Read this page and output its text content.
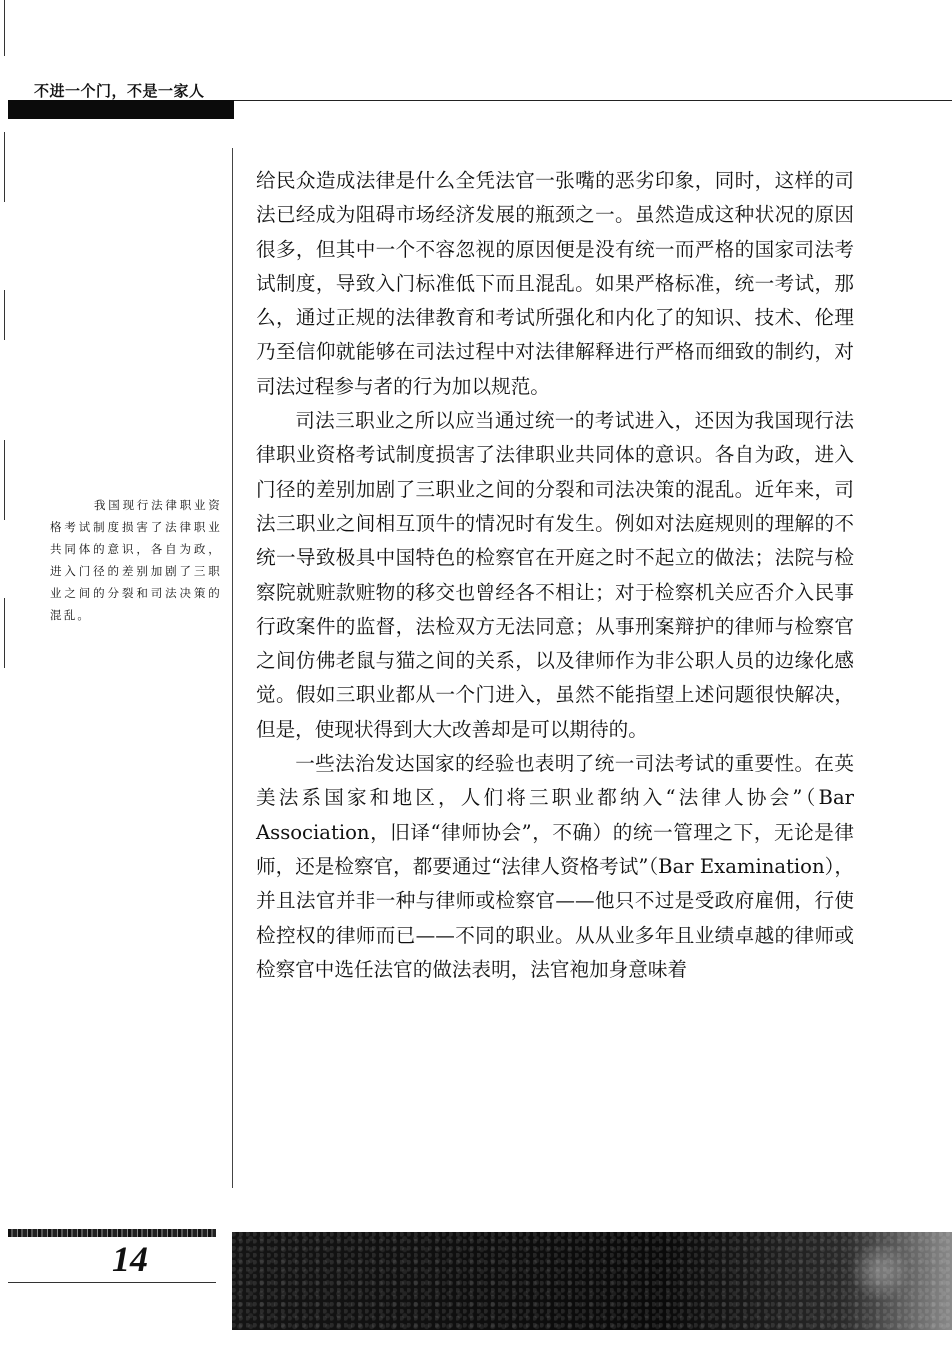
不进一个门，不是一家人
我国现行法律职业资格考试制度损害了法律职业共同体的意识，各自为政，进入门径的差别加剧了三职业之间的分裂和司法决策的混乱。

给民众造成法律是什么全凭法官一张嘴的恶劣印象，同时，这样的司法已经成为阻碍市场经济发展的瓶颈之一。虽然造成这种状况的原因很多，但其中一个不容忽视的原因便是没有统一而严格的国家司法考试制度，导致入门标准低下而且混乱。如果严格标准，统一考试，那么，通过正规的法律教育和考试所强化和内化了的知识、技术、伦理乃至信仰就能够在司法过程中对法律解释进行严格而细致的制约，对司法过程参与者的行为加以规范。

司法三职业之所以应当通过统一的考试进入，还因为我国现行法律职业资格考试制度损害了法律职业共同体的意识。各自为政，进入门径的差别加剧了三职业之间的分裂和司法决策的混乱。近年来，司法三职业之间相互顶牛的情况时有发生。例如对法庭规则的理解的不统一导致极具中国特色的检察官在开庭之时不起立的做法；法院与检察院就赃款赃物的移交也曾经各不相让；对于检察机关应否介入民事行政案件的监督，法检双方无法同意；从事刑案辩护的律师与检察官之间仿佛老鼠与猫之间的关系，以及律师作为非公职人员的边缘化感觉。假如三职业都从一个门进入，虽然不能指望上述问题很快解决，但是，使现状得到大大改善却是可以期待的。

一些法治发达国家的经验也表明了统一司法考试的重要性。在英美法系国家和地区，人们将三职业都纳入“法律人协会”（Bar Association，旧译“律师协会”，不确）的统一管理之下，无论是律师，还是检察官，都要通过“法律人资格考试”（Bar Examination），并且法官并非一种与律师或检察官——他只不过是受政府雇佣，行使检控权的律师而已——不同的职业。从从业多年且业绩卓越的律师或检察官中选任法官的做法表明，法官袍加身意味着

14
